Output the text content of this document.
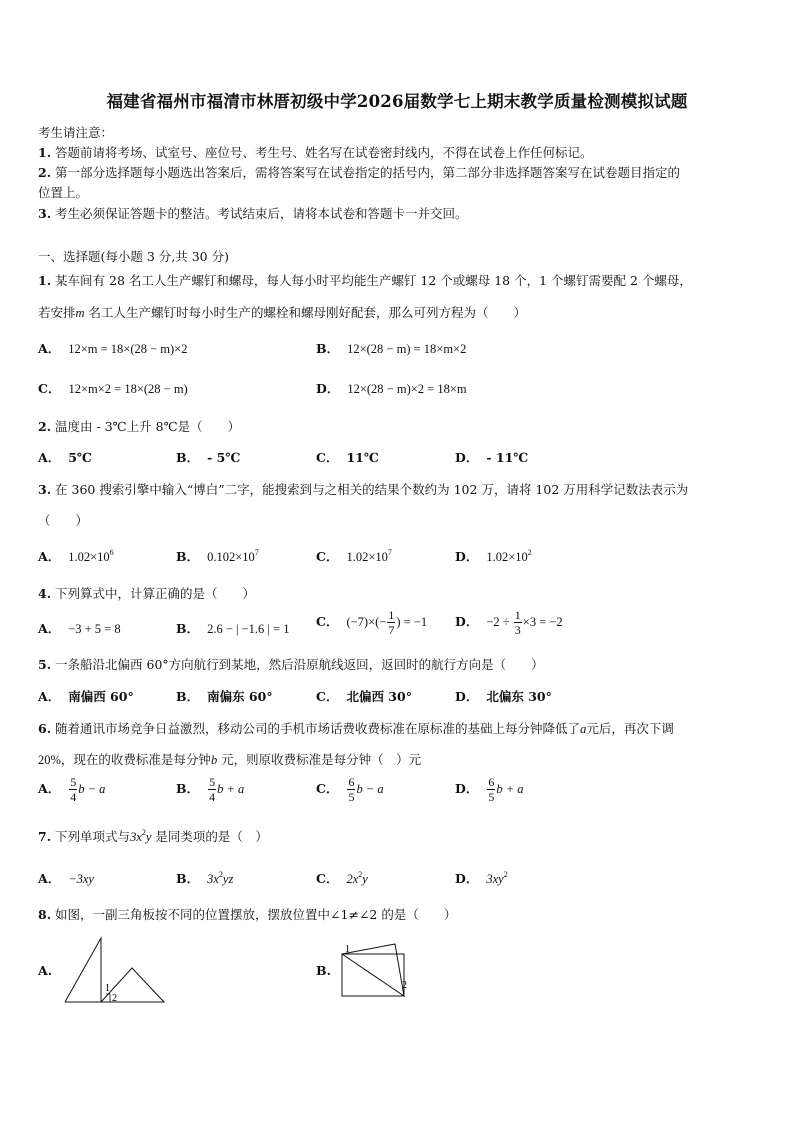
福建省福州市福清市林厝初级中学2026届数学七上期末教学质量检测模拟试题
考生请注意：
1. 答题前请将考场、试室号、座位号、考生号、姓名写在试卷密封线内，不得在试卷上作任何标记。
2. 第一部分选择题每小题选出答案后，需将答案写在试卷指定的括号内，第二部分非选择题答案写在试卷题目指定的
位置上。
3. 考生必须保证答题卡的整洁。考试结束后，请将本试卷和答题卡一并交回。
一、选择题(每小题 3 分,共 30 分)
1. 某车间有 28 名工人生产螺钉和螺母，每人每小时平均能生产螺钉 12 个或螺母 18 个，1 个螺钉需要配 2 个螺母，
若安排m 名工人生产螺钉时每小时生产的螺栓和螺母刚好配套，那么可列方程为（　　）
A． 12×m = 18×(28 − m)×2	B． 12×(28 − m) = 18×m×2
C． 12×m×2 = 18×(28 − m)	D． 12×(28 − m)×2 = 18×m
2. 温度由 - 3℃上升 8℃是（　　）
A． 5℃	B． - 5℃	C． 11℃	D． - 11℃
3. 在 360 搜索引擎中输入“博白”二字，能搜索到与之相关的结果个数约为 102 万，请将 102 万用科学记数法表示为
（　　）
A． $1.02\times 10^6$	B． $0.102\times 10^7$	C． $1.02\times 10^7$	D． $1.02\times 10^2$
4. 下列算式中，计算正确的是（　　）
A． −3 + 5 = 8	B． 2.6 − | −1.6 | = 1 C． $(-7)\times(- \frac{1}{7}$ ) = −1 D． $-2 \div \frac{1}{3} \times 3 = -2$
5. 一条船沿北偏西 60°方向航行到某地，然后沿原航线返回，返回时的航行方向是（　　）
A． 南偏西 60°	B． 南偏东 60°	C． 北偏西 30°	D． 北偏东 30°
6. 随着通讯市场竞争日益激烈，移动公司的手机市场话费收费标准在原标准的基础上每分钟降低了a元后，再次下调
20%，现在的收费标准是每分钟b 元，则原收费标准是每分钟（　）元
A． $\frac{5}{4}$ b − a	B． $\frac{5}{4}$ b + a	C． $\frac{6}{5}$ b − a	D． $\frac{6}{5}$ b + a
7. 下列单项式与$3x^2y$ 是同类项的是（　）
A． −3xy	B． $3x^2yz$	C． $2x^2y$	D． $3xy^2$
8. 如图，一副三角板按不同的位置摆放，摆放位置中∠1≠∠2 的是（　　）
A.
1
2
B.
1
2
